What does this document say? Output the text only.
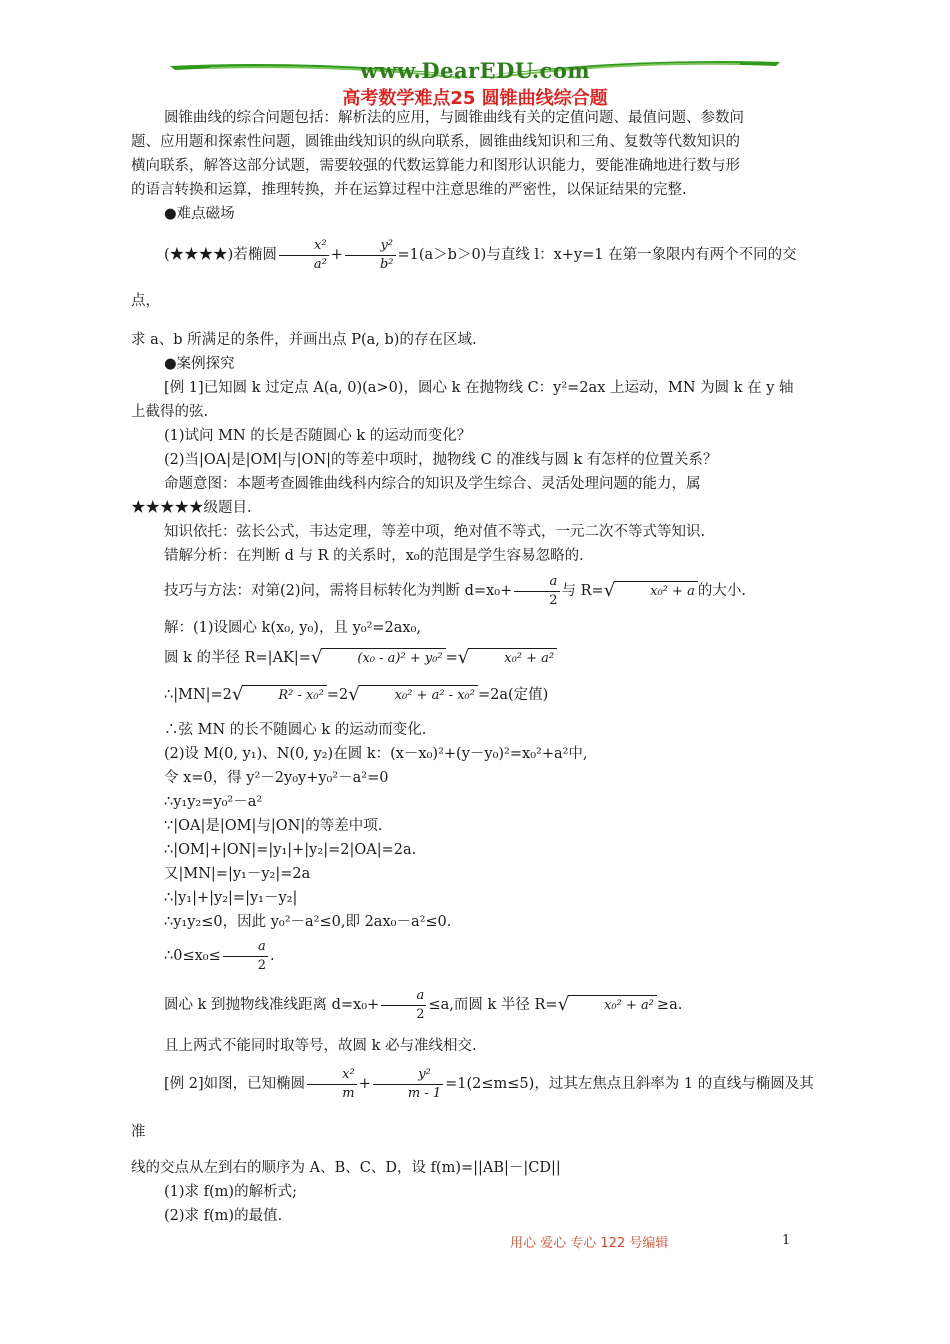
www.DearEDU.com
高考数学难点25 圆锥曲线综合题

圆锥曲线的综合问题包括：解析法的应用，与圆锥曲线有关的定值问题、最值问题、参数问

题、应用题和探索性问题，圆锥曲线知识的纵向联系，圆锥曲线知识和三角、复数等代数知识的

横向联系，解答这部分试题，需要较强的代数运算能力和图形认识能力，要能准确地进行数与形

的语言转换和运算，推理转换，并在运算过程中注意思维的严密性，以保证结果的完整.

●难点磁场

(★★★★)若椭圆 $\frac{\text{x²}}{\text{a²}} + \frac{\text{y²}}{\text{b²}} =1(a>b>0)$与直线 l：x+y=1 在第一象限内有两个不同的交点，

求 a、b 所满足的条件，并画出点 P(a, b)的存在区域.

●案例探究

[例 1]已知圆 k 过定点 A(a, 0)(a>0)，圆心 k 在抛物线 C：y²=2ax 上运动，MN 为圆 k 在 y 轴

上截得的弦.

(1)试问 MN 的长是否随圆心 k 的运动而变化？

(2)当|OA|是|OM|与|ON|的等差中项时，抛物线 C 的准线与圆 k 有怎样的位置关系？

命题意图：本题考查圆锥曲线科内综合的知识及学生综合、灵活处理问题的能力，属

★★★★★级题目.

知识依托：弦长公式，韦达定理，等差中项，绝对值不等式，一元二次不等式等知识.

错解分析：在判断 d 与 R 的关系时，x₀的范围是学生容易忽略的.

技巧与方法：对第(2)问，需将目标转化为判断 $d=x_0+ \frac{a}{2}$ 与 R=√	x₀² + a 的大小.

解：(1)设圆心 k(x₀, y₀)，且 y₀²=2ax₀,

圆 k 的半径 R=|AK|=√	(x₀ - a)² + y₀² =√	x₀² + a²

∴|MN|=2√	R² - x₀² =2√	x₀² + a² - x₀² =2a(定值)

∴弦 MN 的长不随圆心 k 的运动而变化.

(2)设 M(0, y₁)、N(0, y₂)在圆 k：(x－x₀)²+(y－y₀)²=x₀²+a²中,

令 x=0，得 y²－2y₀y+y₀²－a²=0

∴y₁y₂=y₀²－a²

∵|OA|是|OM|与|ON|的等差中项.

∴|OM|+|ON|=|y₁|+|y₂|=2|OA|=2a.

又|MN|=|y₁－y₂|=2a

∴|y₁|+|y₂|=|y₁－y₂|

∴y₁y₂≤0，因此 y₀²－a²≤0,即 2ax₀－a²≤0.

∴0≤x₀≤ $\frac{a}{2}$ .

圆心 k 到抛物线准线距离 $d=x_0+ \frac{a}{2} \le a$,而圆 k 半径 R=√	x₀² + a² ≥a.

且上两式不能同时取等号，故圆 k 必与准线相交.

[例 2]如图，已知椭圆 $\frac{\text{x²}}{m} + \frac{\text{y²}}{m - 1} =1(2\le m\le 5)$，过其左焦点且斜率为 1 的直线与椭圆及其准

线的交点从左到右的顺序为 A、B、C、D，设 f(m)=||AB|－|CD||

(1)求 f(m)的解析式;

(2)求 f(m)的最值.

用心 爱心 专心 122 号编辑	1
